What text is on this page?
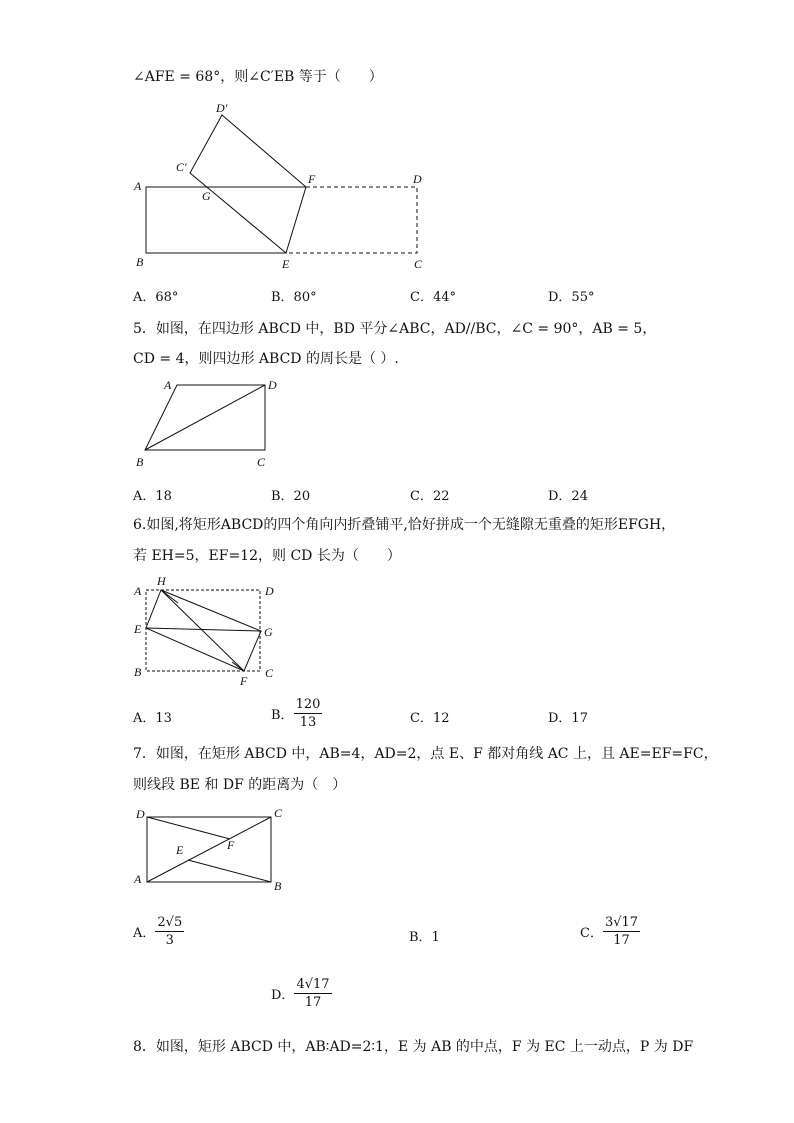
∠AFE = 68°，则∠C′EB 等于（　　）
D′
C′
A
G
F	D
B	E	C
A．68°	B．80°	C．44°	D．55°
5．如图，在四边形 ABCD 中，BD 平分∠ABC，AD//BC，∠C = 90°，AB = 5，
CD = 4，则四边形 ABCD 的周长是（ ）.
A	D
B	C
A．18	B．20	C．22	D．24
6.如图,将矩形ABCD的四个角向内折叠铺平,恰好拼成一个无缝隙无重叠的矩形EFGH，
若 EH=5，EF=12，则 CD 长为（　　）
H
A	D
E	G
B	C
F
A．13	B． $\frac{120}{13}$	C．12	D．17
7．如图，在矩形 ABCD 中，AB=4，AD=2，点 E、F 都对角线 AC 上，且 AE=EF=FC，
则线段 BE 和 DF 的距离为（　）
D	C
E	F
A	B
A． $\frac{2√5}{3}$	B．1	C． $\frac{3√17}{17}$
D． $\frac{4√17}{17}$
8．如图，矩形 ABCD 中，AB∶AD=2∶1，E 为 AB 的中点，F 为 EC 上一动点，P 为 DF
